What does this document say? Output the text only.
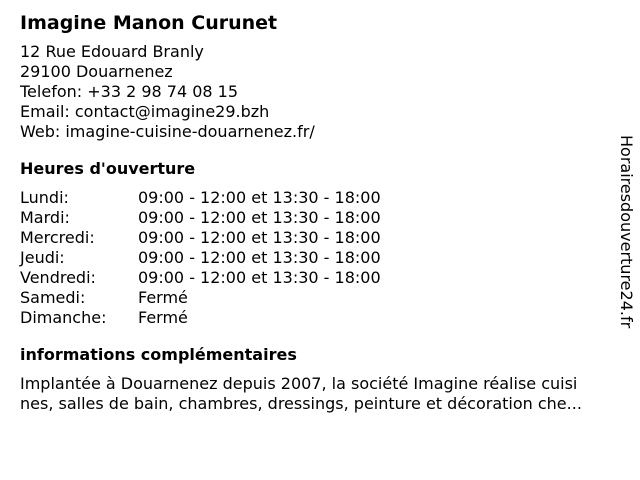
Imagine Manon Curunet
12 Rue Edouard Branly
29100 Douarnenez
Telefon: +33 2 98 74 08 15
Email: contact@imagine29.bzh
Web: imagine-cuisine-douarnenez.fr/
Heures d'ouverture
Lundi:	09:00 - 12:00 et 13:30 - 18:00
Mardi:	09:00 - 12:00 et 13:30 - 18:00
Mercredi:	09:00 - 12:00 et 13:30 - 18:00
Jeudi:	09:00 - 12:00 et 13:30 - 18:00
Vendredi:	09:00 - 12:00 et 13:30 - 18:00
Samedi:	Fermé
Dimanche:	Fermé
informations complémentaires
Implantée à Douarnenez depuis 2007, la société Imagine réalise cuisi
nes, salles de bain, chambres, dressings, peinture et décoration che...
Horairesdouverture24.fr
